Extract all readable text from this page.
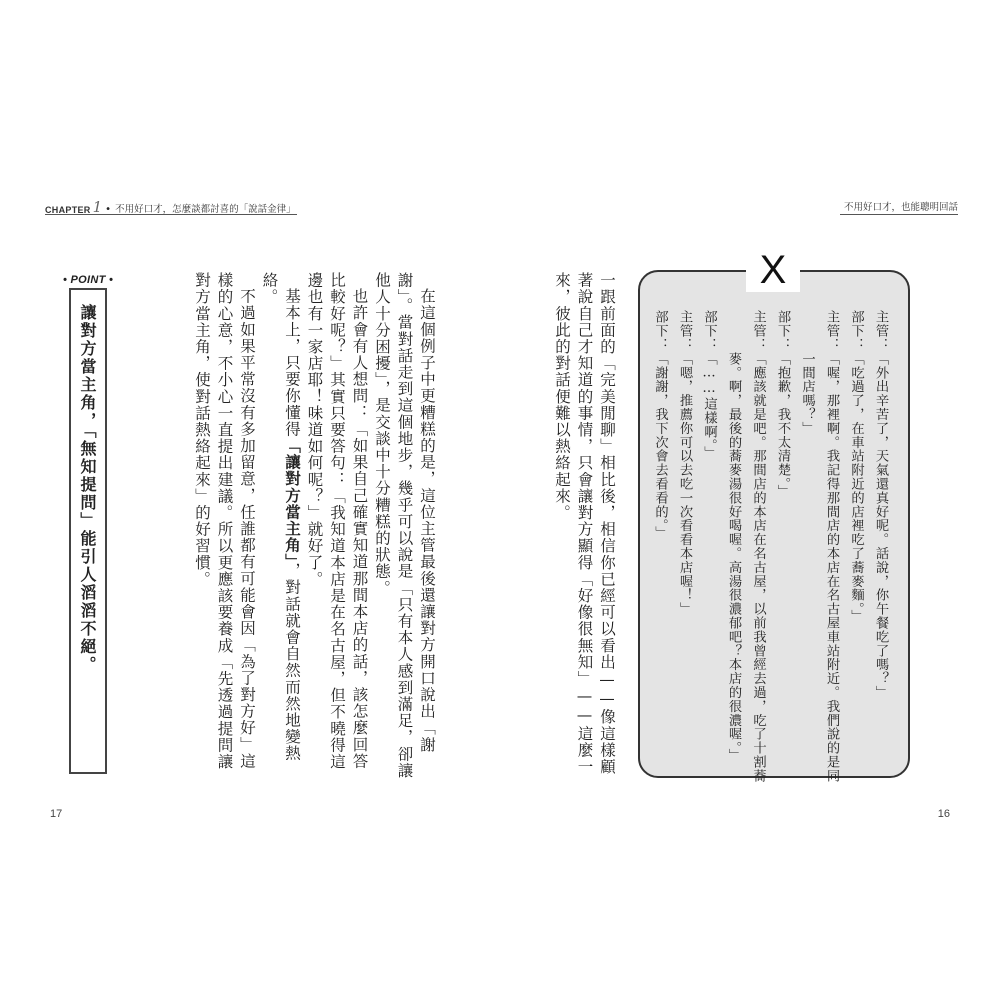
CHAPTER 1 • 不用好口才，怎麼談都討喜的「說話金律」	不用好口才，也能聰明回話
• POINT •
讓對方當主角，「無知提問」能引人滔滔不絕。	在這個例子中更糟糕的是，這位主管最後還讓對方開口說出「謝謝」。當對話走到這個地步，幾乎可以說是「只有本人感到滿足，卻讓他人十分困擾」，是交談中十分糟糕的狀態。

也許會有人想問：「如果自己確實知道那間本店的話，該怎麼回答比較好呢？」其實只要答句：「我知道本店是在名古屋，但不曉得這邊也有一家店耶！味道如何呢？」就好了。

基本上，只要你懂得「讓對方當主角」，對話就會自然而然地變熱絡。

不過如果平常沒有多加留意，任誰都有可能會因「為了對方好」這樣的心意，不小心一直提出建議。所以更應該要養成「先透過提問讓對方當主角，使對話熱絡起來」的好習慣。	一跟前面的「完美閒聊」相比後，相信你已經可以看出——像這樣顧著說自己才知道的事情，只會讓對方顯得「好像很無知」——這麼一來，彼此的對話便難以熱絡起來。

X
主管：「外出辛苦了，天氣還真好呢。話說，你午餐吃了嗎？」
部下：「吃過了，在車站附近的店裡吃了蕎麥麵。」
主管：「喔，那裡啊。我記得那間店的本店在名古屋車站附近。我們說的是同
　　　一間店嗎？」
部下：「抱歉，我不太清楚。」
主管：「應該就是吧。那間店的本店在名古屋，以前我曾經去過，吃了十割蕎
　　　麥。啊，最後的蕎麥湯很好喝喔。高湯很濃郁吧？本店的很濃喔。」
部下：「……這樣啊。」
主管：「嗯，推薦你可以去吃一次看看本店喔！」
部下：「謝謝，我下次會去看看的。」
17	16
